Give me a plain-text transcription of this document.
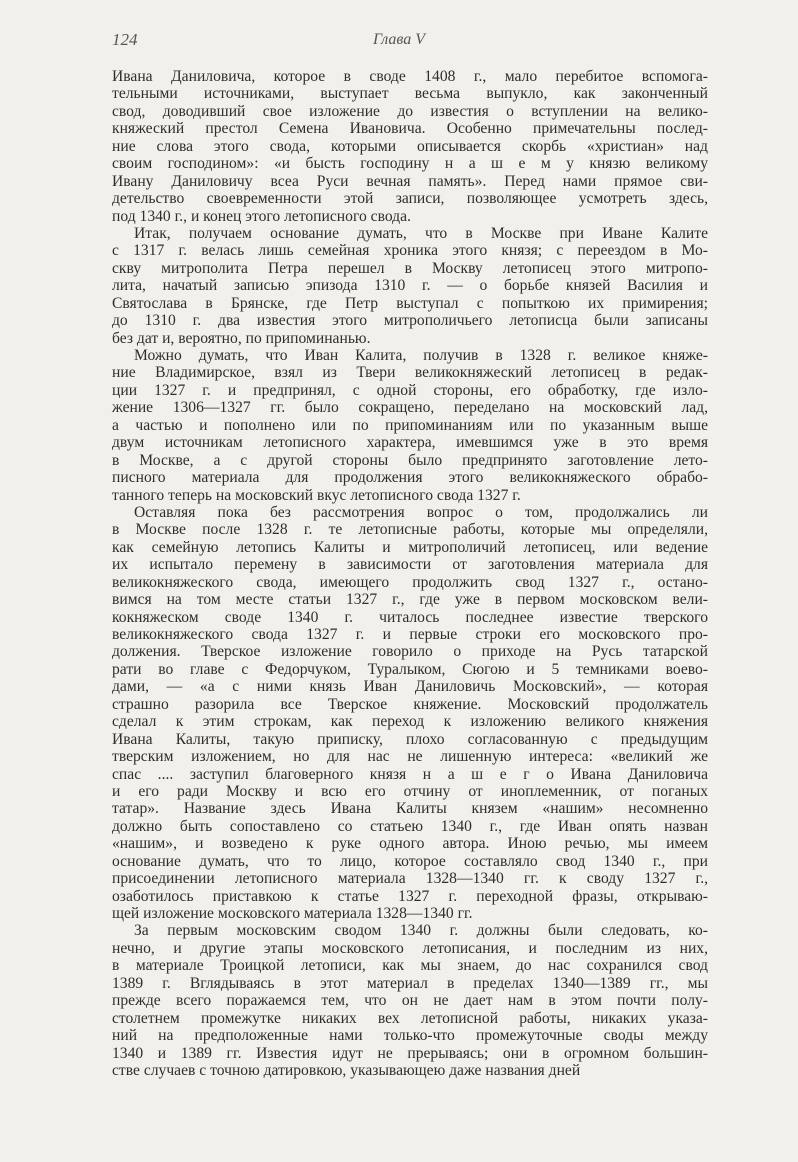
124	Глава V
Ивана Даниловича, которое в своде 1408 г., мало перебитое вспомога-
тельными источниками, выступает весьма выпукло, как законченный
свод, доводивший свое изложение до известия о вступлении на велико-
княжеский престол Семена Ивановича. Особенно примечательны послед-
ние слова этого свода, которыми описывается скорбь «христиан» над
своим господином»: «и бысть господину н а ш е м у князю великому
Ивану Даниловичу всеа Руси вечная память». Перед нами прямое сви-
детельство своевременности этой записи, позволяющее усмотреть здесь,
под 1340 г., и конец этого летописного свода.
Итак, получаем основание думать, что в Москве при Иване Калите
с 1317 г. велась лишь семейная хроника этого князя; с переездом в Мо-
скву митрополита Петра перешел в Москву летописец этого митропо-
лита, начатый записью эпизода 1310 г. — о борьбе князей Василия и
Святослава в Брянске, где Петр выступал с попыткою их примирения;
до 1310 г. два известия этого митрополичьего летописца были записаны
без дат и, вероятно, по припоминанью.
Можно думать, что Иван Калита, получив в 1328 г. великое княже-
ние Владимирское, взял из Твери великокняжеский летописец в редак-
ции 1327 г. и предпринял, с одной стороны, его обработку, где изло-
жение 1306—1327 гг. было сокращено, переделано на московский лад,
а частью и пополнено или по припоминаниям или по указанным выше
двум источникам летописного характера, имевшимся уже в это время
в Москве, а с другой стороны было предпринято заготовление лето-
писного материала для продолжения этого великокняжеского обрабо-
танного теперь на московский вкус летописного свода 1327 г.
Оставляя пока без рассмотрения вопрос о том, продолжались ли
в Москве после 1328 г. те летописные работы, которые мы определяли,
как семейную летопись Калиты и митрополичий летописец, или ведение
их испытало перемену в зависимости от заготовления материала для
великокняжеского свода, имеющего продолжить свод 1327 г., остано-
вимся на том месте статьи 1327 г., где уже в первом московском вели-
кокняжеском своде 1340 г. читалось последнее известие тверского
великокняжеского свода 1327 г. и первые строки его московского про-
должения. Тверское изложение говорило о приходе на Русь татарской
рати во главе с Федорчуком, Туралыком, Сюгою и 5 темниками воево-
дами, — «а с ними князь Иван Даниловичь Московский», — которая
страшно разорила все Тверское княжение. Московский продолжатель
сделал к этим строкам, как переход к изложению великого княжения
Ивана Калиты, такую приписку, плохо согласованную с предыдущим
тверским изложением, но для нас не лишенную интереса: «великий же
спас .... заступил благоверного князя н а ш е г о Ивана Даниловича
и его ради Москву и всю его отчину от иноплеменник, от поганых
татар». Название здесь Ивана Калиты князем «нашим» несомненно
должно быть сопоставлено со статьею 1340 г., где Иван опять назван
«нашим», и возведено к руке одного автора. Иною речью, мы имеем
основание думать, что то лицо, которое составляло свод 1340 г., при
присоединении летописного материала 1328—1340 гг. к своду 1327 г.,
озаботилось приставкою к статье 1327 г. переходной фразы, открываю-
щей изложение московского материала 1328—1340 гг.
За первым московским сводом 1340 г. должны были следовать, ко-
нечно, и другие этапы московского летописания, и последним из них,
в материале Троицкой летописи, как мы знаем, до нас сохранился свод
1389 г. Вглядываясь в этот материал в пределах 1340—1389 гг., мы
прежде всего поражаемся тем, что он не дает нам в этом почти полу-
столетнем промежутке никаких вех летописной работы, никаких указа-
ний на предположенные нами только-что промежуточные своды между
1340 и 1389 гг. Известия идут не прерываясь; они в огромном большин-
стве случаев с точною датировкою, указывающею даже названия дней
